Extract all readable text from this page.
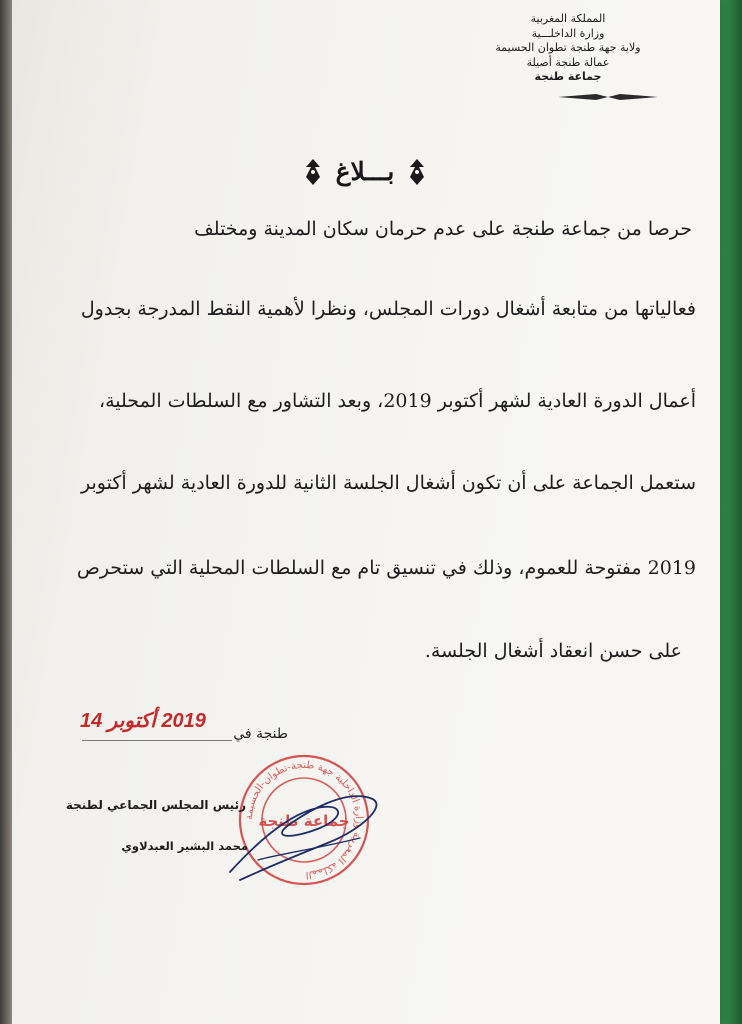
المملكة المغربية
وزارة الداخلـــية
ولاية جهة طنجة تطوان الحسيمة
عمالة طنجة أصيلة
جماعة طنجة
بـــلاغ
حرصا من جماعة طنجة على عدم حرمان سكان المدينة ومختلف
فعالياتها من متابعة أشغال دورات المجلس، ونظرا لأهمية النقط المدرجة بجدول
أعمال الدورة العادية لشهر أكتوبر 2019، وبعد التشاور مع السلطات المحلية،
ستعمل الجماعة على أن تكون أشغال الجلسة الثانية للدورة العادية لشهر أكتوبر
2019 مفتوحة للعموم، وذلك في تنسيق تام مع السلطات المحلية التي ستحرص
على حسن انعقاد أشغال الجلسة.
2019 أكتوبر 14
طنجة في
المملكة المغربية وزارة الداخلية جهة طنجة-تطوان-الحسيمة
جماعة طنجة
رئيس المجلس الجماعي لطنجة
محمد البشير العبدلاوي
